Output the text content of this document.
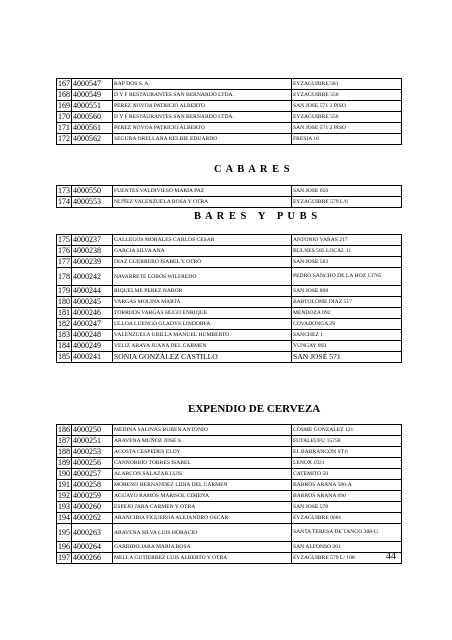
167	4000547	RAP DOS S. A.	EYZAGUIRRE 581
168	4000549	D Y F RESTAURANTES SAN BERNARDO LTDA.	EYZAGUIRRE 550
169	4000551	PEREZ NOVOA PATRICIO ALBERTO	SAN JOSE 571 2 PISO
170	4000560	D Y F RESTAURANTES SAN BERNARDO LTDA.	EYZAGUIRRE 550
171	4000561	PEREZ NOVOA PATRICIO ALBERTO	SAN JOSE 571 2 PISO
172	4000562	SEGURA ORELLANA KELBIE EDUARDO	FRESIA 10
C A B A R E S
173	4000550	FUENTES VALDIVIESO MARIA PAZ	SAN JOSE 656
174	4000553	NUÑEZ VALENZUELA ROSA Y OTRA	EYZAGUIRRE 579 L/6
B A R E S   Y   P U B S
175	4000237	GALLEGOS MORALES CARLOS CESAR	ANTONIO VARAS 217
176	4000238	GARCIA SILVA ANA	BULNES 585 LOCAL 11
177	4000239	DIAZ GUERRERO ISABEL Y OTRO	SAN JOSE 583
178	4000242	NAVARRETE LOBOS WILFREDO	PEDRO SANCHO DE LA HOZ 13705
179	4000244	RIQUELME PEREZ NABOR	SAN JOSE 898
180	4000245	VARGAS MOLINA MARTA	BARTOLOME DIAZ 517
181	4000246	TORRIJOS VARGAS HUGO ENRIQUE	MENDOZA 092
182	4000247	ULLOA LUENGO GLADYS LINDORFA	COVADONGA 29
183	4000248	VALENZUELA UBILLA MANUEL HUMBERTO	SANCHEZ 1
184	4000249	VELIZ ARAYA JUANA DEL CARMEN	YUNGAY 893
185	4000241	SONIA GONZÁLEZ CASTILLO	SAN JOSÉ 571
EXPENDIO DE CERVEZA
186	4000250	MEDINA SALINAS RUBEN ANTONIO	COSME GONZALEZ 121
187	4000251	ARAVENA MUÑOZ JOSE S.	FUTALEUFU 15758
188	4000253	ACOSTA CESPEDES ELOY	EL BARRANCON ST.6
189	4000256	CANNOBBIO TORRES ISABEL	LENOX 1921
190	4000257	ALARCON SALAZAR LUIS	CATEMITO 50
191	4000258	MORENO HERNANDEZ LIDIA DEL CARMEN	BARROS ARANA 586-A
192	4000259	AGUAYO RAMOS MARISOL GIMENA	BARROS ARANA 690
193	4000260	ESPEJO JARA CARMEN Y OTRA	SAN JOSE 570
194	4000262	ARANCIBIA FIGUEROA ALEJANDRO OSCAR	EYZAGUIRRE 0681
195	4000263	ARAVENA SILVA LUIS HORACIO	SANTA TERESA DE TANGO 308-G
196	4000264	GARRIDO JARA MARIA ROSA	SAN ALFONSO 201
197	4000266	MELLA GUTIERREZ LUIS ALBERTO Y OTRA	EYZAGUIRRE 579 L/ 108	44
